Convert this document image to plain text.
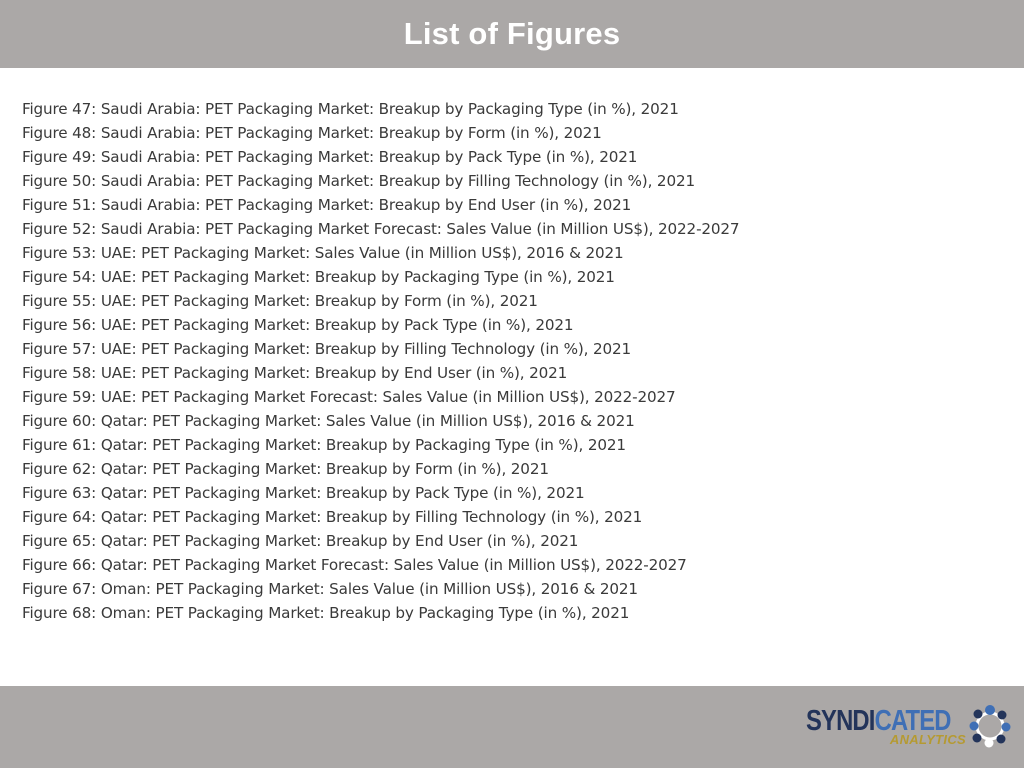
List of Figures
Figure 47: Saudi Arabia: PET Packaging Market: Breakup by Packaging Type (in %), 2021
Figure 48: Saudi Arabia: PET Packaging Market: Breakup by Form (in %), 2021
Figure 49: Saudi Arabia: PET Packaging Market: Breakup by Pack Type (in %), 2021
Figure 50: Saudi Arabia: PET Packaging Market: Breakup by Filling Technology (in %), 2021
Figure 51: Saudi Arabia: PET Packaging Market: Breakup by End User (in %), 2021
Figure 52: Saudi Arabia: PET Packaging Market Forecast: Sales Value (in Million US$), 2022-2027
Figure 53: UAE: PET Packaging Market: Sales Value (in Million US$), 2016 & 2021
Figure 54: UAE: PET Packaging Market: Breakup by Packaging Type (in %), 2021
Figure 55: UAE: PET Packaging Market: Breakup by Form (in %), 2021
Figure 56: UAE: PET Packaging Market: Breakup by Pack Type (in %), 2021
Figure 57: UAE: PET Packaging Market: Breakup by Filling Technology (in %), 2021
Figure 58: UAE: PET Packaging Market: Breakup by End User (in %), 2021
Figure 59: UAE: PET Packaging Market Forecast: Sales Value (in Million US$), 2022-2027
Figure 60: Qatar: PET Packaging Market: Sales Value (in Million US$), 2016 & 2021
Figure 61: Qatar: PET Packaging Market: Breakup by Packaging Type (in %), 2021
Figure 62: Qatar: PET Packaging Market: Breakup by Form (in %), 2021
Figure 63: Qatar: PET Packaging Market: Breakup by Pack Type (in %), 2021
Figure 64: Qatar: PET Packaging Market: Breakup by Filling Technology (in %), 2021
Figure 65: Qatar: PET Packaging Market: Breakup by End User (in %), 2021
Figure 66: Qatar: PET Packaging Market Forecast: Sales Value (in Million US$), 2022-2027
Figure 67: Oman: PET Packaging Market: Sales Value (in Million US$), 2016 & 2021
Figure 68: Oman: PET Packaging Market: Breakup by Packaging Type (in %), 2021
SYNDICATED
ANALYTICS
